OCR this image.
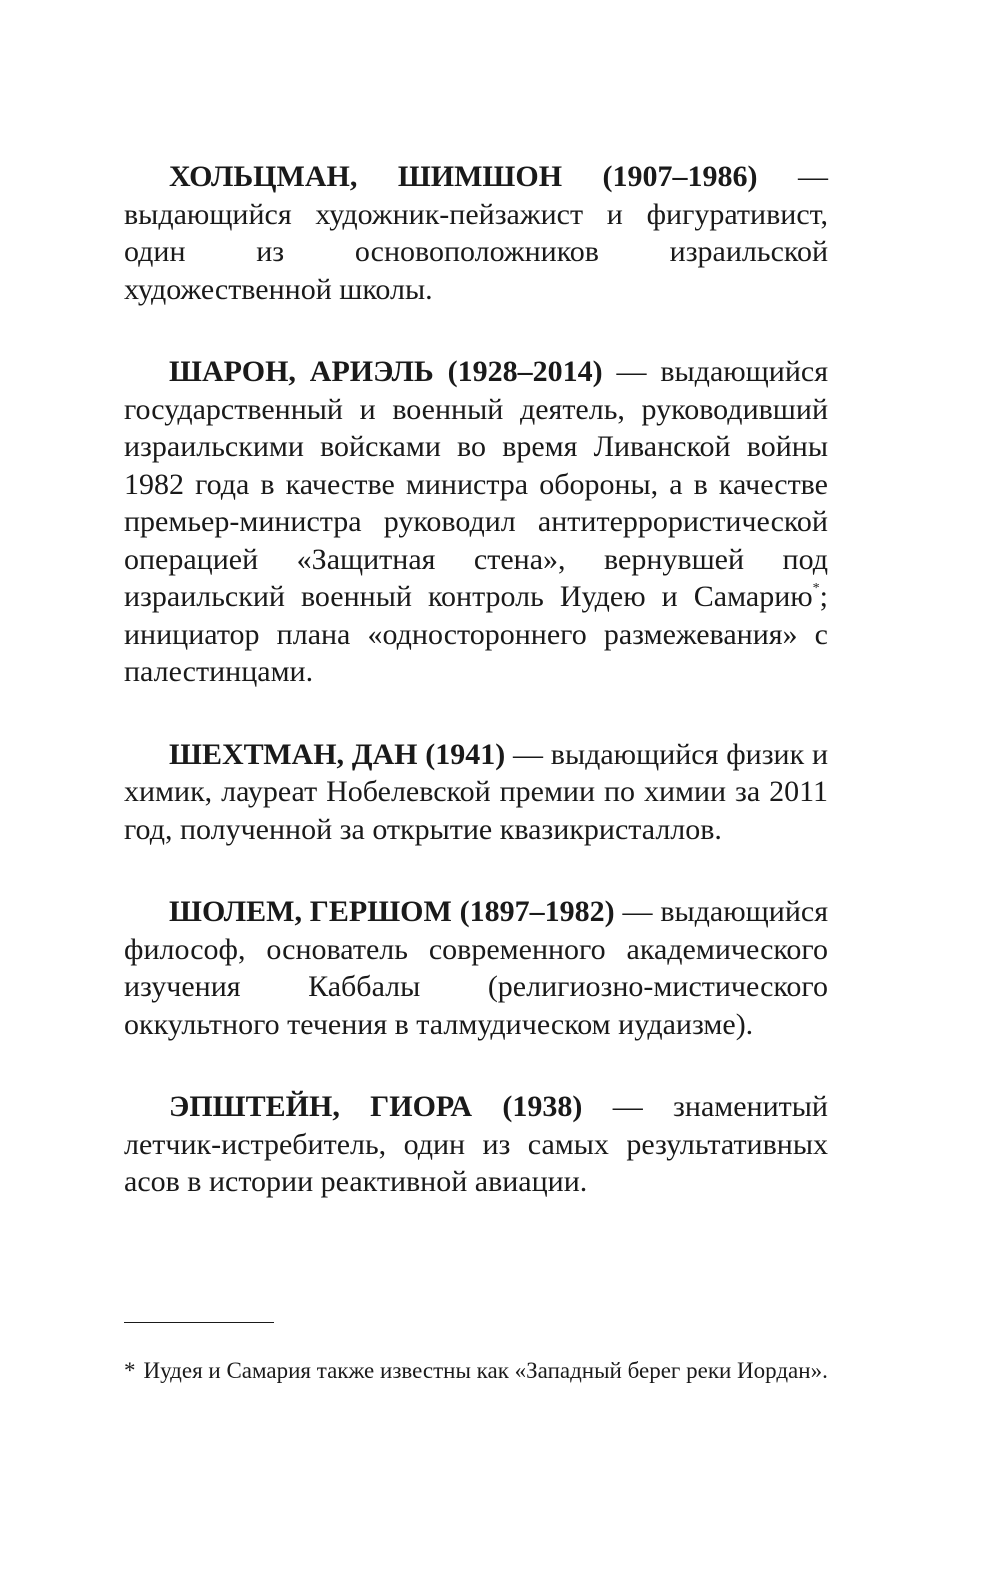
ХОЛЬЦМАН, ШИМШОН (1907–1986) — выдающийся художник-пейзажист и фигуративист, один из основоположников израильской художественной школы.

ШАРОН, АРИЭЛЬ (1928–2014) — выдающийся государственный и военный деятель, руководивший израильскими войсками во время Ливанской войны 1982 года в качестве министра обороны, а в качестве премьер-министра руководил антитеррористической операцией «Защитная стена», вернувшей под израильский военный контроль Иудею и Самарию*; инициатор плана «одностороннего размежевания» с палестинцами.

ШЕХТМАН, ДАН (1941) — выдающийся физик и химик, лауреат Нобелевской премии по химии за 2011 год, полученной за открытие квазикристаллов.

ШОЛЕМ, ГЕРШОМ (1897–1982) — выдающийся философ, основатель современного академического изучения Каббалы (религиозно-мистического оккультного течения в талмудическом иудаизме).

ЭПШТЕЙН, ГИОРА (1938) — знаменитый летчик-истребитель, один из самых результативных асов в истории реактивной авиации.

* Иудея и Самария также известны как «Западный берег реки Иордан».
